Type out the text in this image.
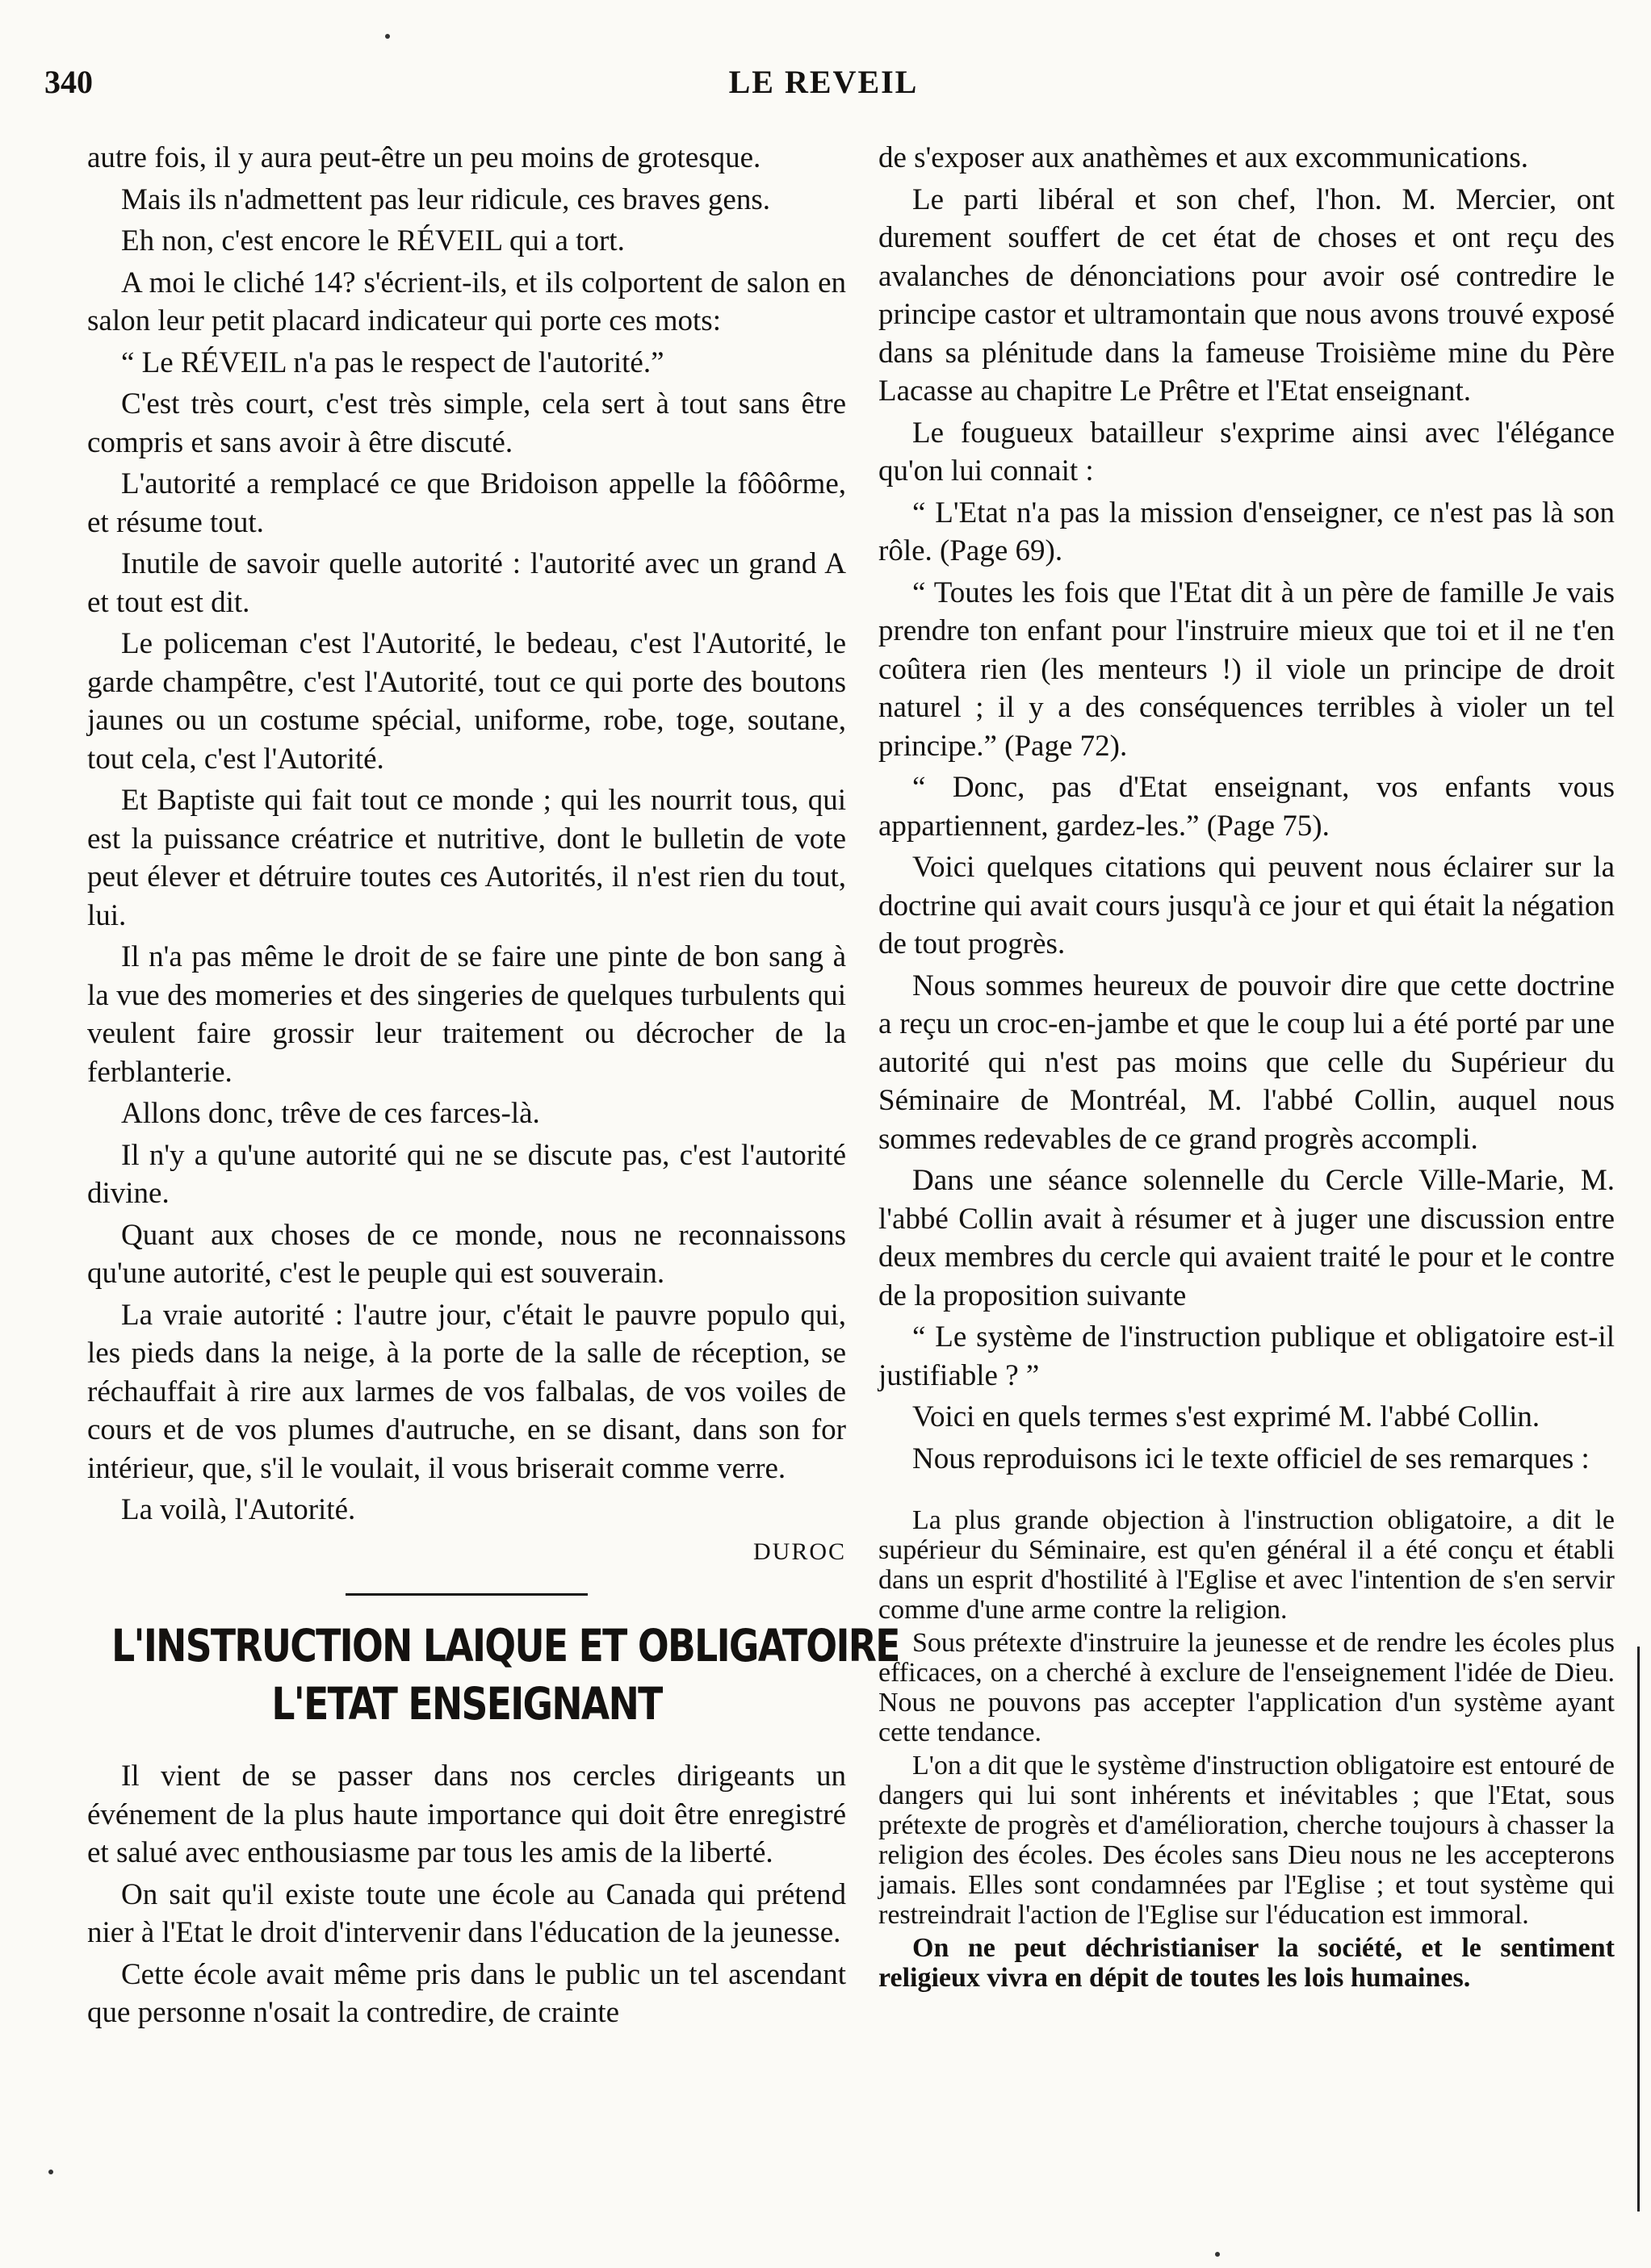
340	LE REVEIL

autre fois, il y aura peut-être un peu moins de grotesque.

Mais ils n'admettent pas leur ridicule, ces braves gens.

Eh non, c'est encore le RÉVEIL qui a tort.

A moi le cliché 14? s'écrient-ils, et ils colportent de salon en salon leur petit placard indicateur qui porte ces mots:

“ Le RÉVEIL n'a pas le respect de l'autorité.”

C'est très court, c'est très simple, cela sert à tout sans être compris et sans avoir à être discuté.

L'autorité a remplacé ce que Bridoison appelle la fôôôrme, et résume tout.

Inutile de savoir quelle autorité : l'autorité avec un grand A et tout est dit.

Le policeman c'est l'Autorité, le bedeau, c'est l'Autorité, le garde champêtre, c'est l'Autorité, tout ce qui porte des boutons jaunes ou un costume spécial, uniforme, robe, toge, soutane, tout cela, c'est l'Autorité.

Et Baptiste qui fait tout ce monde ; qui les nourrit tous, qui est la puissance créatrice et nutritive, dont le bulletin de vote peut élever et détruire toutes ces Autorités, il n'est rien du tout, lui.

Il n'a pas même le droit de se faire une pinte de bon sang à la vue des momeries et des singeries de quelques turbulents qui veulent faire grossir leur traitement ou décrocher de la ferblanterie.

Allons donc, trêve de ces farces-là.

Il n'y a qu'une autorité qui ne se discute pas, c'est l'autorité divine.

Quant aux choses de ce monde, nous ne reconnaissons qu'une autorité, c'est le peuple qui est souverain.

La vraie autorité : l'autre jour, c'était le pauvre populo qui, les pieds dans la neige, à la porte de la salle de réception, se réchauffait à rire aux larmes de vos falbalas, de vos voiles de cours et de vos plumes d'autruche, en se disant, dans son for intérieur, que, s'il le voulait, il vous briserait comme verre.

La voilà, l'Autorité.

DUROC

L'INSTRUCTION LAIQUE ET OBLIGATOIRE
L'ETAT ENSEIGNANT

Il vient de se passer dans nos cercles dirigeants un événement de la plus haute importance qui doit être enregistré et salué avec enthousiasme par tous les amis de la liberté.

On sait qu'il existe toute une école au Canada qui prétend nier à l'Etat le droit d'intervenir dans l'éducation de la jeunesse.

Cette école avait même pris dans le public un tel ascendant que personne n'osait la contredire, de crainte

de s'exposer aux anathèmes et aux excommunications.

Le parti libéral et son chef, l'hon. M. Mercier, ont durement souffert de cet état de choses et ont reçu des avalanches de dénonciations pour avoir osé contredire le principe castor et ultramontain que nous avons trouvé exposé dans sa plénitude dans la fameuse Troisième mine du Père Lacasse au chapitre Le Prêtre et l'Etat enseignant.

Le fougueux batailleur s'exprime ainsi avec l'élégance qu'on lui connait :

“ L'Etat n'a pas la mission d'enseigner, ce n'est pas là son rôle. (Page 69).

“ Toutes les fois que l'Etat dit à un père de famille Je vais prendre ton enfant pour l'instruire mieux que toi et il ne t'en coûtera rien (les menteurs !) il viole un principe de droit naturel ; il y a des conséquences terribles à violer un tel principe.” (Page 72).

“ Donc, pas d'Etat enseignant, vos enfants vous appartiennent, gardez-les.” (Page 75).

Voici quelques citations qui peuvent nous éclairer sur la doctrine qui avait cours jusqu'à ce jour et qui était la négation de tout progrès.

Nous sommes heureux de pouvoir dire que cette doctrine a reçu un croc-en-jambe et que le coup lui a été porté par une autorité qui n'est pas moins que celle du Supérieur du Séminaire de Montréal, M. l'abbé Collin, auquel nous sommes redevables de ce grand progrès accompli.

Dans une séance solennelle du Cercle Ville-Marie, M. l'abbé Collin avait à résumer et à juger une discussion entre deux membres du cercle qui avaient traité le pour et le contre de la proposition suivante

“ Le système de l'instruction publique et obligatoire est-il justifiable ? ”

Voici en quels termes s'est exprimé M. l'abbé Collin.

Nous reproduisons ici le texte officiel de ses remarques :

La plus grande objection à l'instruction obligatoire, a dit le supérieur du Séminaire, est qu'en général il a été conçu et établi dans un esprit d'hostilité à l'Eglise et avec l'intention de s'en servir comme d'une arme contre la religion.

Sous prétexte d'instruire la jeunesse et de rendre les écoles plus efficaces, on a cherché à exclure de l'enseignement l'idée de Dieu. Nous ne pouvons pas accepter l'application d'un système ayant cette tendance.

L'on a dit que le système d'instruction obligatoire est entouré de dangers qui lui sont inhérents et inévitables ; que l'Etat, sous prétexte de progrès et d'amélioration, cherche toujours à chasser la religion des écoles. Des écoles sans Dieu nous ne les accepterons jamais. Elles sont condamnées par l'Eglise ; et tout système qui restreindrait l'action de l'Eglise sur l'éducation est immoral.

On ne peut déchristianiser la société, et le sentiment religieux vivra en dépit de toutes les lois humaines.
